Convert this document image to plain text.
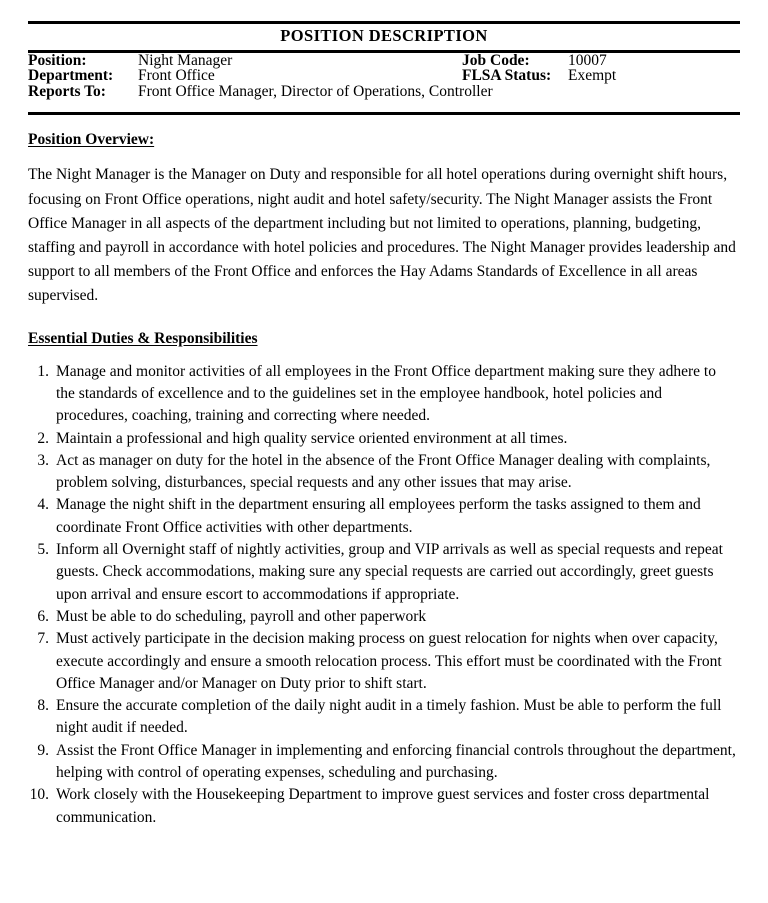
POSITION DESCRIPTION
Position:	Night Manager	Job Code:	10007
Department:	Front Office	FLSA Status:	Exempt
Reports To:	Front Office Manager, Director of Operations, Controller		
Position Overview:

The Night Manager is the Manager on Duty and responsible for all hotel operations during overnight shift hours, focusing on Front Office operations, night audit and hotel safety/security. The Night Manager assists the Front Office Manager in all aspects of the department including but not limited to operations, planning, budgeting, staffing and payroll in accordance with hotel policies and procedures. The Night Manager provides leadership and support to all members of the Front Office and enforces the Hay Adams Standards of Excellence in all areas supervised.

Essential Duties & Responsibilities
1. Manage and monitor activities of all employees in the Front Office department making sure they adhere to the standards of excellence and to the guidelines set in the employee handbook, hotel policies and procedures, coaching, training and correcting where needed.
2. Maintain a professional and high quality service oriented environment at all times.
3. Act as manager on duty for the hotel in the absence of the Front Office Manager dealing with complaints, problem solving, disturbances, special requests and any other issues that may arise.
4. Manage the night shift in the department ensuring all employees perform the tasks assigned to them and coordinate Front Office activities with other departments.
5. Inform all Overnight staff of nightly activities, group and VIP arrivals as well as special requests and repeat guests. Check accommodations, making sure any special requests are carried out accordingly, greet guests upon arrival and ensure escort to accommodations if appropriate.
6. Must be able to do scheduling, payroll and other paperwork
7. Must actively participate in the decision making process on guest relocation for nights when over capacity, execute accordingly and ensure a smooth relocation process. This effort must be coordinated with the Front Office Manager and/or Manager on Duty prior to shift start.
8. Ensure the accurate completion of the daily night audit in a timely fashion. Must be able to perform the full night audit if needed.
9. Assist the Front Office Manager in implementing and enforcing financial controls throughout the department, helping with control of operating expenses, scheduling and purchasing.
10. Work closely with the Housekeeping Department to improve guest services and foster cross departmental communication.
